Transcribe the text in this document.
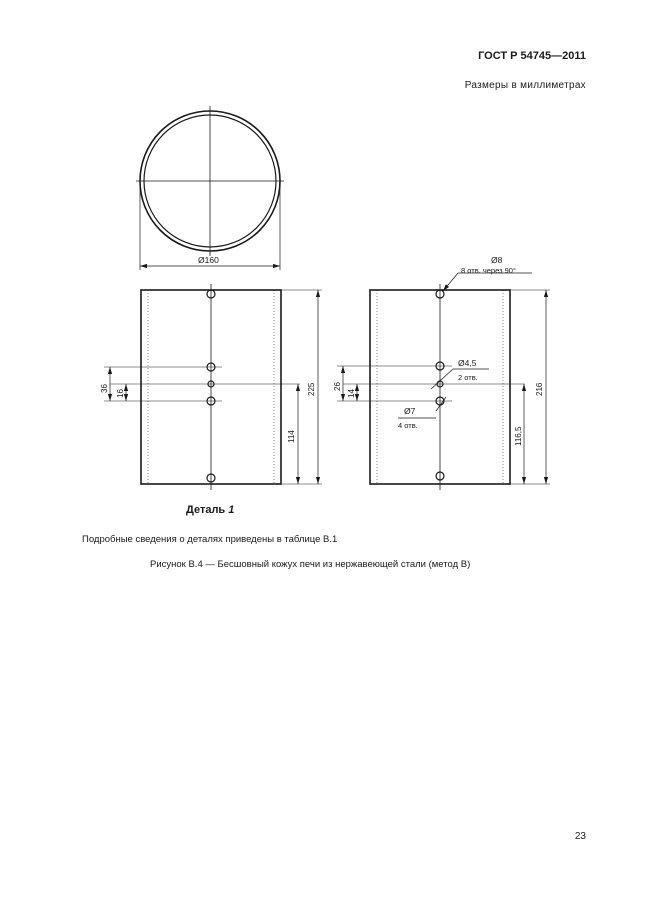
ГОСТ Р 54745—2011
Размеры в миллиметрах
Ø160
36
16	225
114
Ø8
8 отв. через 90°
Ø4,5
2 отв.
Ø7
4 отв.
26
14	216
116,5
Деталь 1
Подробные сведения о деталях приведены в таблице В.1
Рисунок В.4 — Бесшовный кожух печи из нержавеющей стали (метод В)
23
